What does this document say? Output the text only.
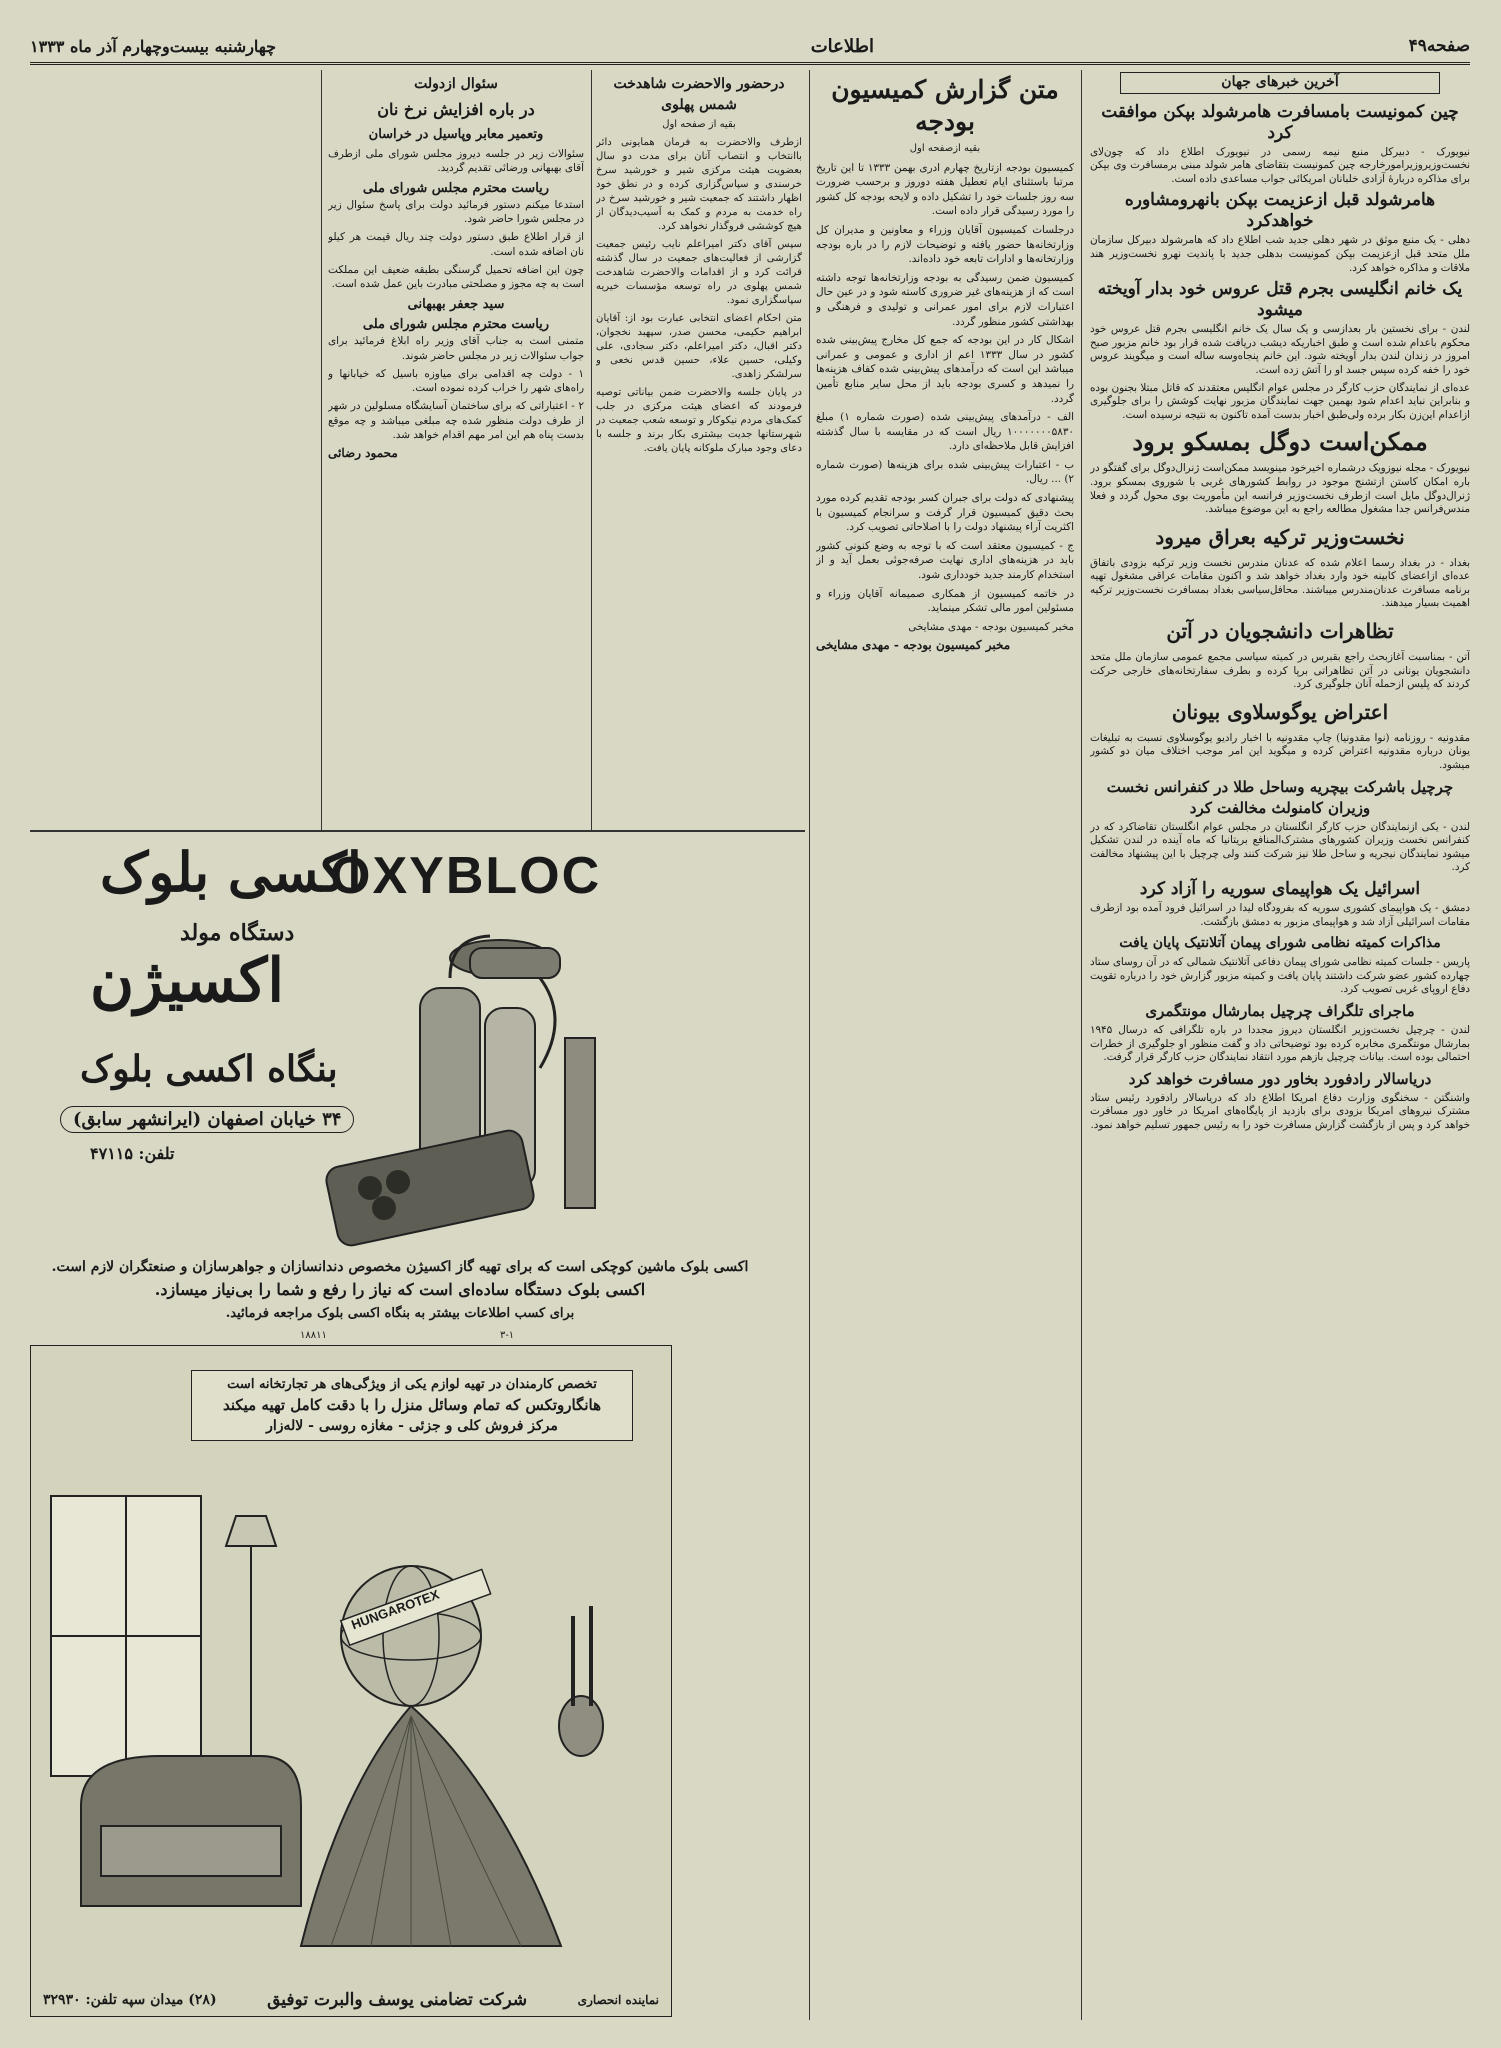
صفحه۴۹
اطلاعات
چهارشنبه بیست‌وچهارم آذر ماه ۱۳۳۳
آخرین خبرهای جهان
چین کمونیست بامسافرت هامرشولد بپکن موافقت کرد

نیویورک - دبیرکل منبع نیمه رسمی در نیویورک اطلاع داد که چون‌لای نخست‌وزیروزیرامورخارجه چین کمونیست بتقاضای هامر شولد مبنی برمسافرت وی بپکن برای مذاکره دربارهٔ آزادی خلبانان امریکائی جواب مساعدی داده است.

هامرشولد قبل ازعزیمت بپکن بانهرومشاوره خواهدکرد

دهلی - یک منبع موثق در شهر دهلی جدید شب اطلاع داد که هامرشولد دبیرکل سازمان ملل متحد قبل ازعزیمت بپکن کمونیست بدهلی جدید با پاندیت نهرو نخست‌وزیر هند ملاقات و مذاکره خواهد کرد.

یک خانم انگلیسی بجرم قتل عروس خود بدار آویخته میشود

لندن - برای نخستین بار بعدازسی و یک سال یک خانم انگلیسی بجرم قتل عروس خود محکوم باعدام شده است و طبق اخباریکه دیشب دریافت شده قرار بود خانم مزبور صبح امروز در زندان لندن بدار آویخته شود. این خانم پنجاه‌وسه ساله است و میگویند عروس خود را خفه کرده سپس جسد او را آتش زده است.

عده‌ای از نمایندگان حزب کارگر در مجلس عوام انگلیس معتقدند که قاتل مبتلا بجنون بوده و بنابراین نباید اعدام شود بهمین جهت نمایندگان مزبور نهایت کوشش را برای جلوگیری ازاعدام این‌زن بکار برده ولی‌طبق اخبار بدست آمده تاکنون به نتیجه نرسیده است.

ممکن‌است دوگل بمسکو برود

نیویورک - مجله نیوزویک درشماره اخیرخود مینویسد ممکن‌است ژنرال‌دوگل برای گفتگو در باره امکان کاستن ازتشنج موجود در روابط کشورهای غربی با شوروی بمسکو برود. ژنرال‌دوگل مایل است ازطرف نخست‌وزیر فرانسه این مأموریت بوی محول گردد و فعلا مندس‌فرانس جدا مشغول مطالعه راجع به این موضوع میباشد.

نخست‌وزیر ترکیه بعراق میرود

بغداد - در بغداد رسما اعلام شده که عدنان مندرس نخست وزیر ترکیه بزودی باتفاق عده‌ای ازاعضای کابینه خود وارد بغداد خواهد شد و اکنون مقامات عراقی مشغول تهیه برنامه مسافرت عدنان‌مندرس میباشند. محافل‌سیاسی بغداد بمسافرت نخست‌وزیر ترکیه اهمیت بسیار میدهند.

تظاهرات دانشجویان در آتن

آتن - بمناسبت آغازبحث راجع بقبرس در کمیته سیاسی مجمع عمومی سازمان ملل متحد دانشجویان یونانی در آتن تظاهراتی برپا کرده و بطرف سفارتخانه‌های خارجی حرکت کردند که پلیس ازحمله آنان جلوگیری کرد.

اعتراض یوگوسلاوی بیونان

مقدونیه - روزنامه (نوا مقدونیا) چاپ مقدونیه با اخبار رادیو یوگوسلاوی نسبت به تبلیغات یونان درباره مقدونیه اعتراض کرده و میگوید این امر موجب اختلاف میان دو کشور میشود.

چرچیل باشرکت بیچریه وساحل طلا در کنفرانس نخست وزیران کامنولث مخالفت کرد

لندن - یکی ازنمایندگان حزب کارگر انگلستان در مجلس عوام انگلستان تقاضاکرد که در کنفرانس نخست وزیران کشورهای مشترک‌المنافع بریتانیا که ماه آینده در لندن تشکیل میشود نمایندگان نیجریه و ساحل طلا نیز شرکت کنند ولی چرچیل با این پیشنهاد مخالفت کرد.

اسرائیل یک هواپیمای سوریه را آزاد کرد

دمشق - یک هواپیمای کشوری سوریه که بفرودگاه لیدا در اسرائیل فرود آمده بود ازطرف مقامات اسرائیلی آزاد شد و هواپیمای مزبور به دمشق بازگشت.

مذاکرات کمیته نظامی شورای پیمان آتلانتیک پایان یافت

پاریس - جلسات کمیته نظامی شورای پیمان دفاعی آتلانتیک شمالی که در آن روسای ستاد چهارده کشور عضو شرکت داشتند پایان یافت و کمیته مزبور گزارش خود را درباره تقویت دفاع اروپای غربی تصویب کرد.

ماجرای تلگراف چرچیل بمارشال مونتگمری

لندن - چرچیل نخست‌وزیر انگلستان دیروز مجددا در باره تلگرافی که درسال ۱۹۴۵ بمارشال مونتگمری مخابره کرده بود توضیحاتی داد و گفت منظور او جلوگیری از خطرات احتمالی بوده است. بیانات چرچیل بازهم مورد انتقاد نمایندگان حزب کارگر قرار گرفت.

دریاسالار رادفورد بخاور دور مسافرت خواهد کرد

واشنگتن - سخنگوی وزارت دفاع امریکا اطلاع داد که دریاسالار رادفورد رئیس ستاد مشترک نیروهای امریکا بزودی برای بازدید از پایگاه‌های امریکا در خاور دور مسافرت خواهد کرد و پس از بازگشت گزارش مسافرت خود را به رئیس جمهور تسلیم خواهد نمود.

متن گزارش کمیسیون بودجه
بقیه ازصفحه اول

کمیسیون بودجه ازتاریخ چهارم ادری بهمن ۱۳۳۳ تا این تاریخ مرتبا باستثنای ایام تعطیل هفته دوروز و برحسب ضرورت سه روز جلسات خود را تشکیل داده و لایحه بودجه کل کشور را مورد رسیدگی قرار داده است.

درجلسات کمیسیون آقایان وزراء و معاونین و مدیران کل وزارتخانه‌ها حضور یافته و توضیحات لازم را در باره بودجه وزارتخانه‌ها و ادارات تابعه خود داده‌اند.

کمیسیون ضمن رسیدگی به بودجه وزارتخانه‌ها توجه داشته است که از هزینه‌های غیر ضروری کاسته شود و در عین حال اعتبارات لازم برای امور عمرانی و تولیدی و فرهنگی و بهداشتی کشور منظور گردد.

اشکال کار در این بودجه که جمع کل مخارج پیش‌بینی شده کشور در سال ۱۳۳۳ اعم از اداری و عمومی و عمرانی میباشد این است که درآمدهای پیش‌بینی شده کفاف هزینه‌ها را نمیدهد و کسری بودجه باید از محل سایر منابع تأمین گردد.

الف - درآمدهای پیش‌بینی شده (صورت شماره ۱) مبلغ ۱۰۰۰۰۰۰۰۵۸۳۰ ریال است که در مقایسه با سال گذشته افزایش قابل ملاحظه‌ای دارد.

ب - اعتبارات پیش‌بینی شده برای هزینه‌ها (صورت شماره ۲) ... ریال.

پیشنهادی که دولت برای جبران کسر بودجه تقدیم کرده مورد بحث دقیق کمیسیون قرار گرفت و سرانجام کمیسیون با اکثریت آراء پیشنهاد دولت را با اصلاحاتی تصویب کرد.

ج - کمیسیون معتقد است که با توجه به وضع کنونی کشور باید در هزینه‌های اداری نهایت صرفه‌جوئی بعمل آید و از استخدام کارمند جدید خودداری شود.

در خاتمه کمیسیون از همکاری صمیمانه آقایان وزراء و مسئولین امور مالی تشکر مینماید.

مخبر کمیسیون بودجه - مهدی مشایخی

مخبر کمیسیون بودجه - مهدی مشایخی
درحضور والاحضرت شاهدخت شمس پهلوی
بقیه از صفحه اول

ازطرف والاحضرت به فرمان همایونی دائر باانتخاب و انتصاب آنان برای مدت دو سال بعضویت هیئت مرکزی شیر و خورشید سرخ خرسندی و سپاس‌گزاری کرده و در نطق خود اظهار داشتند که جمعیت شیر و خورشید سرخ در راه خدمت به مردم و کمک به آسیب‌دیدگان از هیچ کوششی فروگذار نخواهد کرد.

سپس آقای دکتر امیراعلم نایب رئیس جمعیت گزارشی از فعالیت‌های جمعیت در سال گذشته قرائت کرد و از اقدامات والاحضرت شاهدخت شمس پهلوی در راه توسعه مؤسسات خیریه سپاسگزاری نمود.

متن احکام اعضای انتخابی عبارت بود از: آقایان ابراهیم حکیمی، محسن صدر، سپهبد نخجوان، دکتر اقبال، دکتر امیراعلم، دکتر سجادی، علی وکیلی، حسین علاء، حسین قدس نخعی و سرلشکر زاهدی.

در پایان جلسه والاحضرت ضمن بیاناتی توصیه فرمودند که اعضای هیئت مرکزی در جلب کمک‌های مردم نیکوکار و توسعه شعب جمعیت در شهرستانها جدیت بیشتری بکار برند و جلسه با دعای وجود مبارک ملوکانه پایان یافت.

سئوال ازدولت
در باره افزایش نرخ نان
وتعمیر معابر وپاسیل در خراسان

سئوالات زیر در جلسه دیروز مجلس شورای ملی ازطرف آقای بهبهانی ورضائی تقدیم گردید.

ریاست محترم مجلس شورای ملی

استدعا میکنم دستور فرمائید دولت برای پاسخ سئوال زیر در مجلس شورا حاضر شود.

از قرار اطلاع طبق دستور دولت چند ریال قیمت هر کیلو نان اضافه شده است.

چون این اضافه تحمیل گرسنگی بطبقه ضعیف این مملکت است به چه مجوز و مصلحتی مبادرت باین عمل شده است.

سید جعفر بهبهانی
ریاست محترم مجلس شورای ملی

متمنی است به جناب آقای وزیر راه ابلاغ فرمائید برای جواب سئوالات زیر در مجلس حاضر شوند.

۱ - دولت چه اقدامی برای میاوزه باسیل که خیابانها و راه‌های شهر را خراب کرده نموده است.

۲ - اعتباراتی که برای ساختمان آسایشگاه مسلولین در شهر از طرف دولت منظور شده چه مبلغی میباشد و چه موقع بدست پناه هم این امر مهم اقدام خواهد شد.

محمود رضائی
OXYBLOC
اکسی بلوک
دستگاه مولد
اکسیژن
بنگاه اکسی بلوک
۳۴ خیابان اصفهان (ایرانشهر سابق)
تلفن: ۴۷۱۱۵
اکسی بلوک ماشین کوچکی است که برای تهیه گاز اکسیژن مخصوص دندانسازان و جواهرسازان و صنعتگران لازم است.
اکسی بلوک دستگاه ساده‌ای است که نیاز را رفع و شما را بی‌نیاز میسازد.
برای کسب اطلاعات بیشتر به بنگاه اکسی بلوک مراجعه فرمائید.
۱۸۸۱۱	۳-۱
تخصص کارمندان در تهیه لوازم یکی از ویژگی‌های هر تجارتخانه است
هانگاروتکس که تمام وسائل منزل را با دقت کامل تهیه میکند
مرکز فروش کلی و جزئی - مغازه روسی - لاله‌زار
HUNGAROTEX
نماینده انحصاری
شرکت تضامنی یوسف والبرت توفیق
(۲۸) میدان سپه تلفن: ۳۲۹۳۰
